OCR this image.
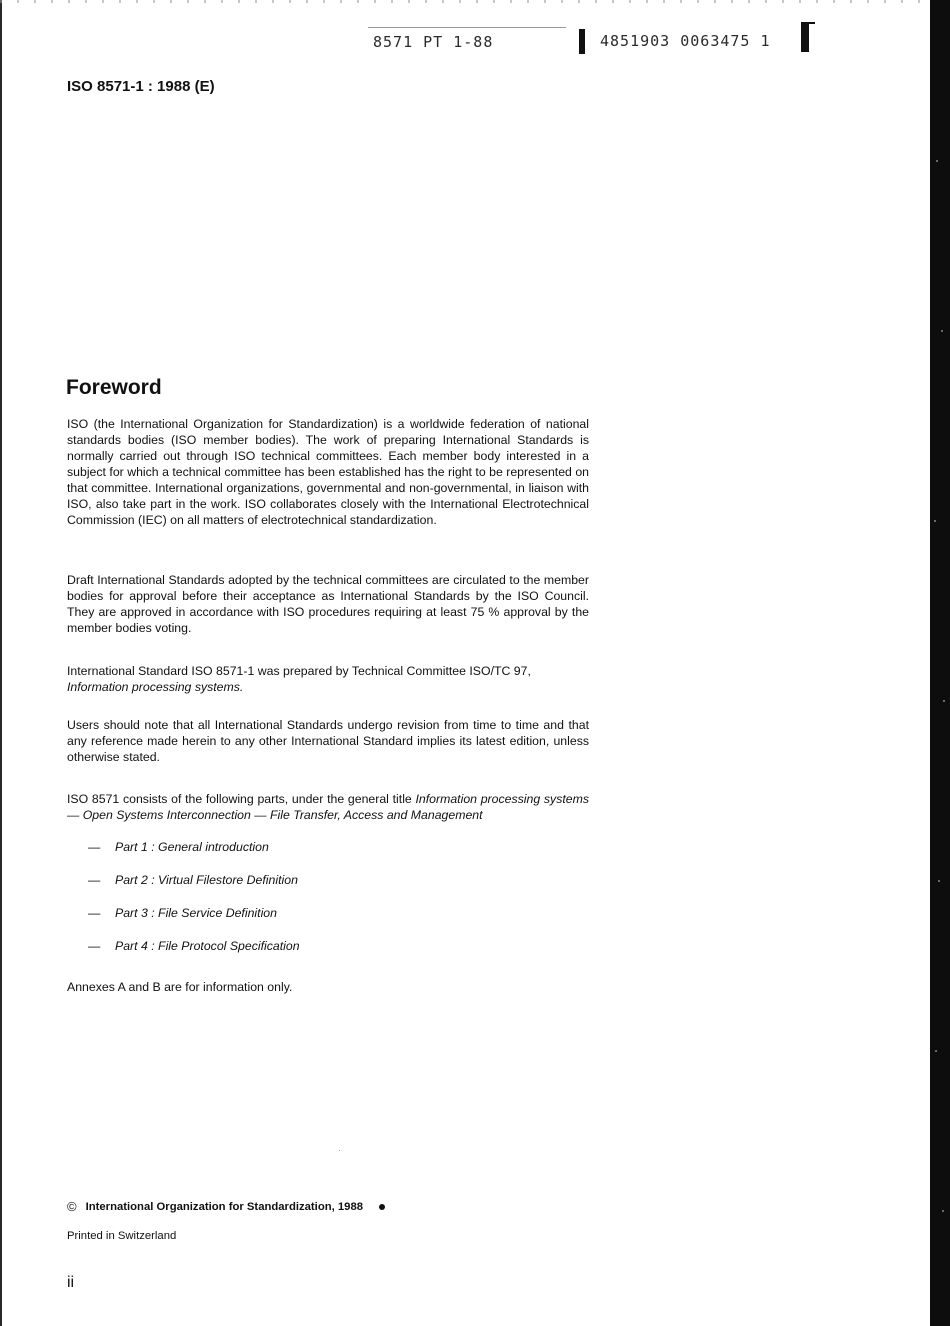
8571 PT 1-88	4851903 0063475 1
ISO 8571-1 : 1988 (E)
Foreword

ISO (the International Organization for Standardization) is a worldwide federation of national standards bodies (ISO member bodies). The work of preparing International Standards is normally carried out through ISO technical committees. Each member body interested in a subject for which a technical committee has been established has the right to be represented on that committee. International organizations, governmental and non-governmental, in liaison with ISO, also take part in the work. ISO collaborates closely with the International Electrotechnical Commission (IEC) on all matters of electrotechnical standardization.

Draft International Standards adopted by the technical committees are circulated to the member bodies for approval before their acceptance as International Standards by the ISO Council. They are approved in accordance with ISO procedures requiring at least 75 % approval by the member bodies voting.

International Standard ISO 8571-1 was prepared by Technical Committee ISO/TC 97,
Information processing systems.

Users should note that all International Standards undergo revision from time to time and that any reference made herein to any other International Standard implies its latest edition, unless otherwise stated.

ISO 8571 consists of the following parts, under the general title Information processing systems — Open Systems Interconnection — File Transfer, Access and Management

—	Part 1 : General introduction
—	Part 2 : Virtual Filestore Definition
—	Part 3 : File Service Definition
—	Part 4 : File Protocol Specification
Annexes A and B are for information only.
© International Organization for Standardization, 1988
Printed in Switzerland
ii
